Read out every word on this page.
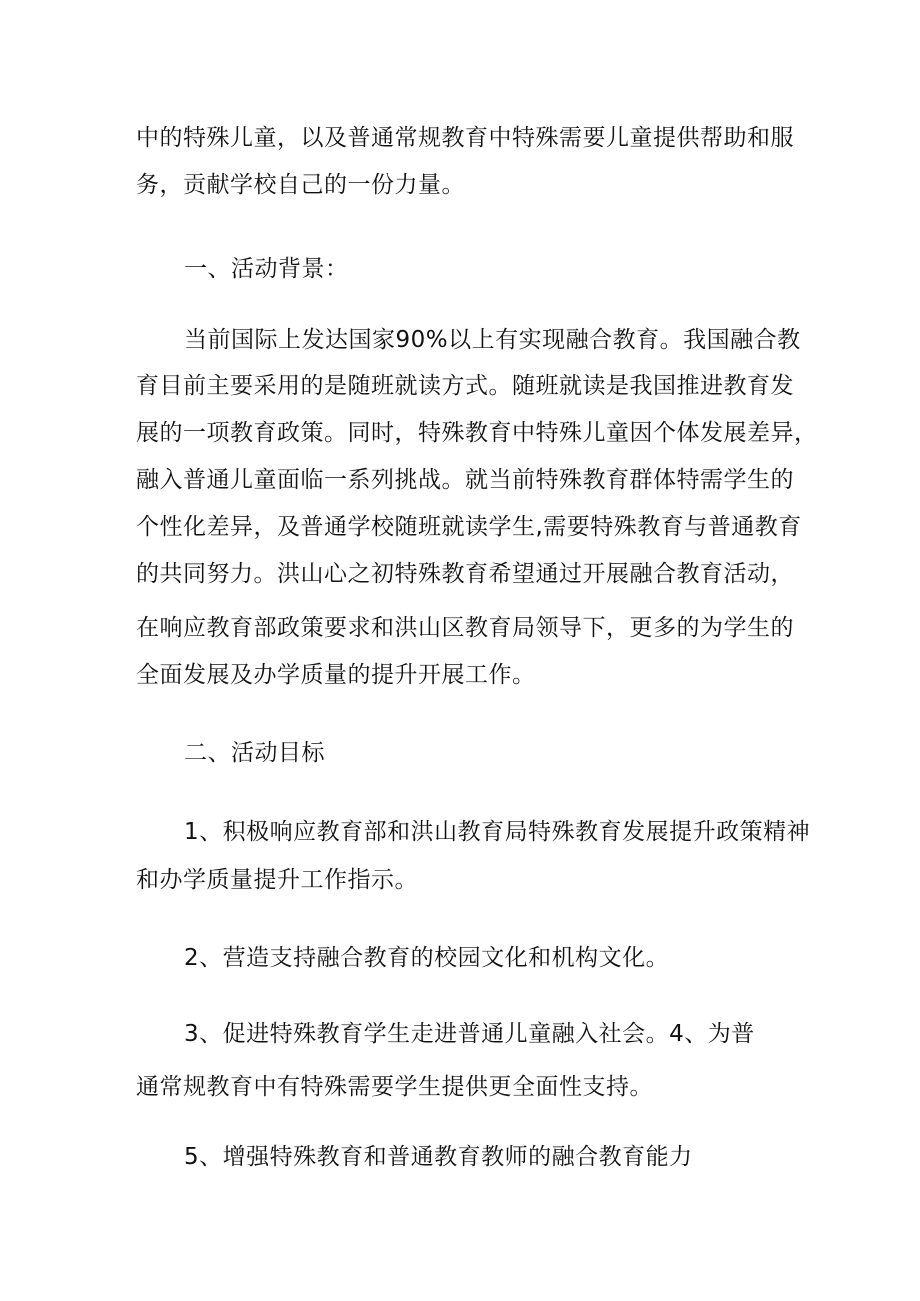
中的特殊儿童，以及普通常规教育中特殊需要儿童提供帮助和服
务，贡献学校自己的一份力量。
一、活动背景：
当前国际上发达国家90%以上有实现融合教育。我国融合教
育目前主要采用的是随班就读方式。随班就读是我国推进教育发
展的一项教育政策。同时，特殊教育中特殊儿童因个体发展差异，
融入普通儿童面临一系列挑战。就当前特殊教育群体特需学生的
个性化差异，及普通学校随班就读学生,需要特殊教育与普通教育
的共同努力。洪山心之初特殊教育希望通过开展融合教育活动，
在响应教育部政策要求和洪山区教育局领导下，更多的为学生的
全面发展及办学质量的提升开展工作。
二、活动目标
1、积极响应教育部和洪山教育局特殊教育发展提升政策精神
和办学质量提升工作指示。
2、营造支持融合教育的校园文化和机构文化。
3、促进特殊教育学生走进普通儿童融入社会。4、为普
通常规教育中有特殊需要学生提供更全面性支持。
5、增强特殊教育和普通教育教师的融合教育能力
